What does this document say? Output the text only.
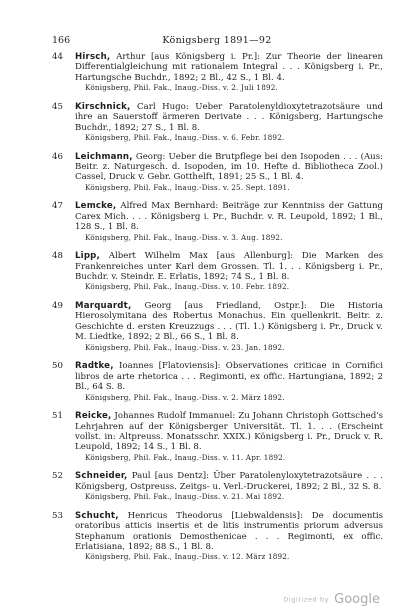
166	Königsberg 1891—92
44	Hirsch, Arthur [aus Königsberg i. Pr.]: Zur Theorie der linearen Differentialgleichung mit rationalem Integral . . . Königsberg i. Pr., Hartungsche Buchdr., 1892; 2 Bl., 42 S., 1 Bl. 4.
Königsberg, Phil. Fak., Inaug.-Diss. v. 2. Juli 1892.
45	Kirschnick, Carl Hugo: Ueber Paratolenyldioxytetrazotsäure und ihre an Sauerstoff ärmeren Derivate . . . Königsberg, Hartungsche Buchdr., 1892; 27 S., 1 Bl. 8.
Königsberg, Phil. Fak., Inaug.-Diss. v. 6. Febr. 1892.
46	Leichmann, Georg: Ueber die Brutpflege bei den Isopoden . . . (Aus: Beitr. z. Naturgesch. d. Isopoden, im 10. Hefte d. Bibliotheca Zool.) Cassel, Druck v. Gebr. Gotthelft, 1891; 25 S., 1 Bl. 4.
Königsberg, Phil. Fak., Inaug.-Diss. v. 25. Sept. 1891.
47	Lemcke, Alfred Max Bernhard: Beiträge zur Kenntniss der Gattung Carex Mich. . . . Königsberg i. Pr., Buchdr. v. R. Leupold, 1892; 1 Bl., 128 S., 1 Bl. 8.
Königsberg, Phil. Fak., Inaug.-Diss. v. 3. Aug. 1892.
48	Lipp, Albert Wilhelm Max [aus Allenburg]: Die Marken des Frankenreiches unter Karl dem Grossen. Tl. 1. . . Königsberg i. Pr., Buchdr. v. Steindr. E. Erlatis, 1892; 74 S., 1 Bl. 8.
Königsberg, Phil. Fak., Inaug.-Diss. v. 10. Febr. 1892.
49	Marquardt, Georg [aus Friedland, Ostpr.]: Die Historia Hierosolymitana des Robertus Monachus. Ein quellenkrit. Beitr. z. Geschichte d. ersten Kreuzzugs . . . (Tl. 1.) Königsberg i. Pr., Druck v. M. Liedtke, 1892; 2 Bl., 66 S., 1 Bl. 8.
Königsberg, Phil. Fak., Inaug.-Diss. v. 23. Jan. 1892.
50	Radtke, Ioannes [Flatoviensis]: Observationes criticae in Cornifici libros de arte rhetorica . . . Regimonti, ex offic. Hartungiana, 1892; 2 Bl., 64 S. 8.
Königsberg, Phil. Fak., Inaug.-Diss. v. 2. März 1892.
51	Reicke, Johannes Rudolf Immanuel: Zu Johann Christoph Gottsched's Lehrjahren auf der Königsberger Universität. Tl. 1. . . (Erscheint vollst. in: Altpreuss. Monatsschr. XXIX.) Königsberg i. Pr., Druck v. R. Leupold, 1892; 14 S., 1 Bl. 8.
Königsberg, Phil. Fak., Inaug.-Diss. v. 11. Apr. 1892.
52	Schneider, Paul [aus Dentz]: Über Paratolenyloxytetrazotsäure . . . Königsberg, Ostpreuss. Zeitgs- u. Verl.-Druckerei, 1892; 2 Bl., 32 S. 8.
Königsberg, Phil. Fak., Inaug.-Diss. v. 21. Mai 1892.
53	Schucht, Henricus Theodorus [Liebwaldensis]: De documentis oratoribus atticis insertis et de litis instrumentis priorum adversus Stephanum orationis Demosthenicae . . . Regimonti, ex offic. Erlatisiana, 1892; 88 S., 1 Bl. 8.
Königsberg, Phil. Fak., Inaug.-Diss. v. 12. März 1892.
Digitized by Google
